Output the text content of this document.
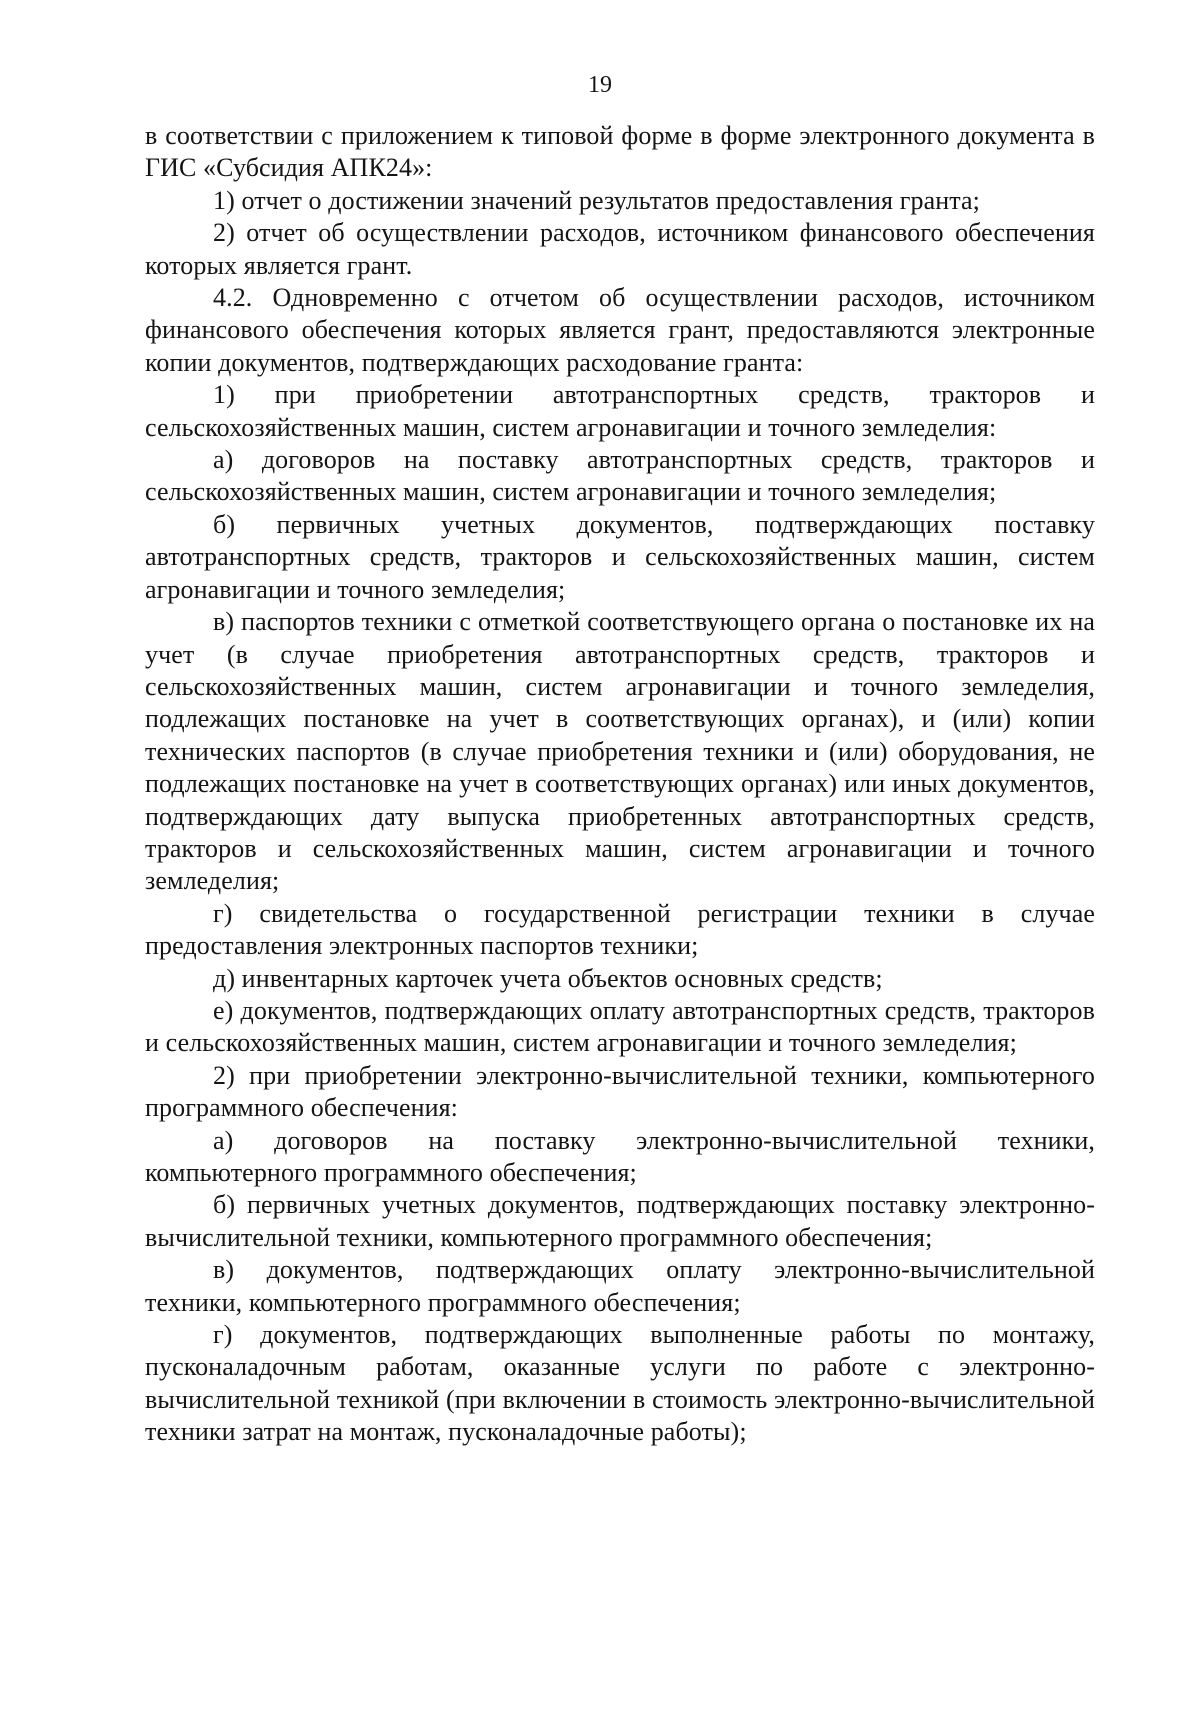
19

в соответствии с приложением к типовой форме в форме электронного документа в ГИС «Субсидия АПК24»:

1) отчет о достижении значений результатов предоставления гранта;

2) отчет об осуществлении расходов, источником финансового обеспечения которых является грант.

4.2. Одновременно с отчетом об осуществлении расходов, источником финансового обеспечения которых является грант, предоставляются электронные копии документов, подтверждающих расходование гранта:

1) при приобретении автотранспортных средств, тракторов и сельскохозяйственных машин, систем агронавигации и точного земледелия:

а) договоров на поставку автотранспортных средств, тракторов и сельскохозяйственных машин, систем агронавигации и точного земледелия;

б) первичных учетных документов, подтверждающих поставку автотранспортных средств, тракторов и сельскохозяйственных машин, систем агронавигации и точного земледелия;

в) паспортов техники с отметкой соответствующего органа о постановке их на учет (в случае приобретения автотранспортных средств, тракторов и сельскохозяйственных машин, систем агронавигации и точного земледелия, подлежащих постановке на учет в соответствующих органах), и (или) копии технических паспортов (в случае приобретения техники и (или) оборудования, не подлежащих постановке на учет в соответствующих органах) или иных документов, подтверждающих дату выпуска приобретенных автотранспортных средств, тракторов и сельскохозяйственных машин, систем агронавигации и точного земледелия;

г) свидетельства о государственной регистрации техники в случае предоставления электронных паспортов техники;

д) инвентарных карточек учета объектов основных средств;

е) документов, подтверждающих оплату автотранспортных средств, тракторов и сельскохозяйственных машин, систем агронавигации и точного земледелия;

2) при приобретении электронно-вычислительной техники, компьютерного программного обеспечения:

а) договоров на поставку электронно-вычислительной техники, компьютерного программного обеспечения;

б) первичных учетных документов, подтверждающих поставку электронно-вычислительной техники, компьютерного программного обеспечения;

в) документов, подтверждающих оплату электронно-вычислительной техники, компьютерного программного обеспечения;

г) документов, подтверждающих выполненные работы по монтажу, пусконаладочным работам, оказанные услуги по работе с электронно-вычислительной техникой (при включении в стоимость электронно-вычислительной техники затрат на монтаж, пусконаладочные работы);
